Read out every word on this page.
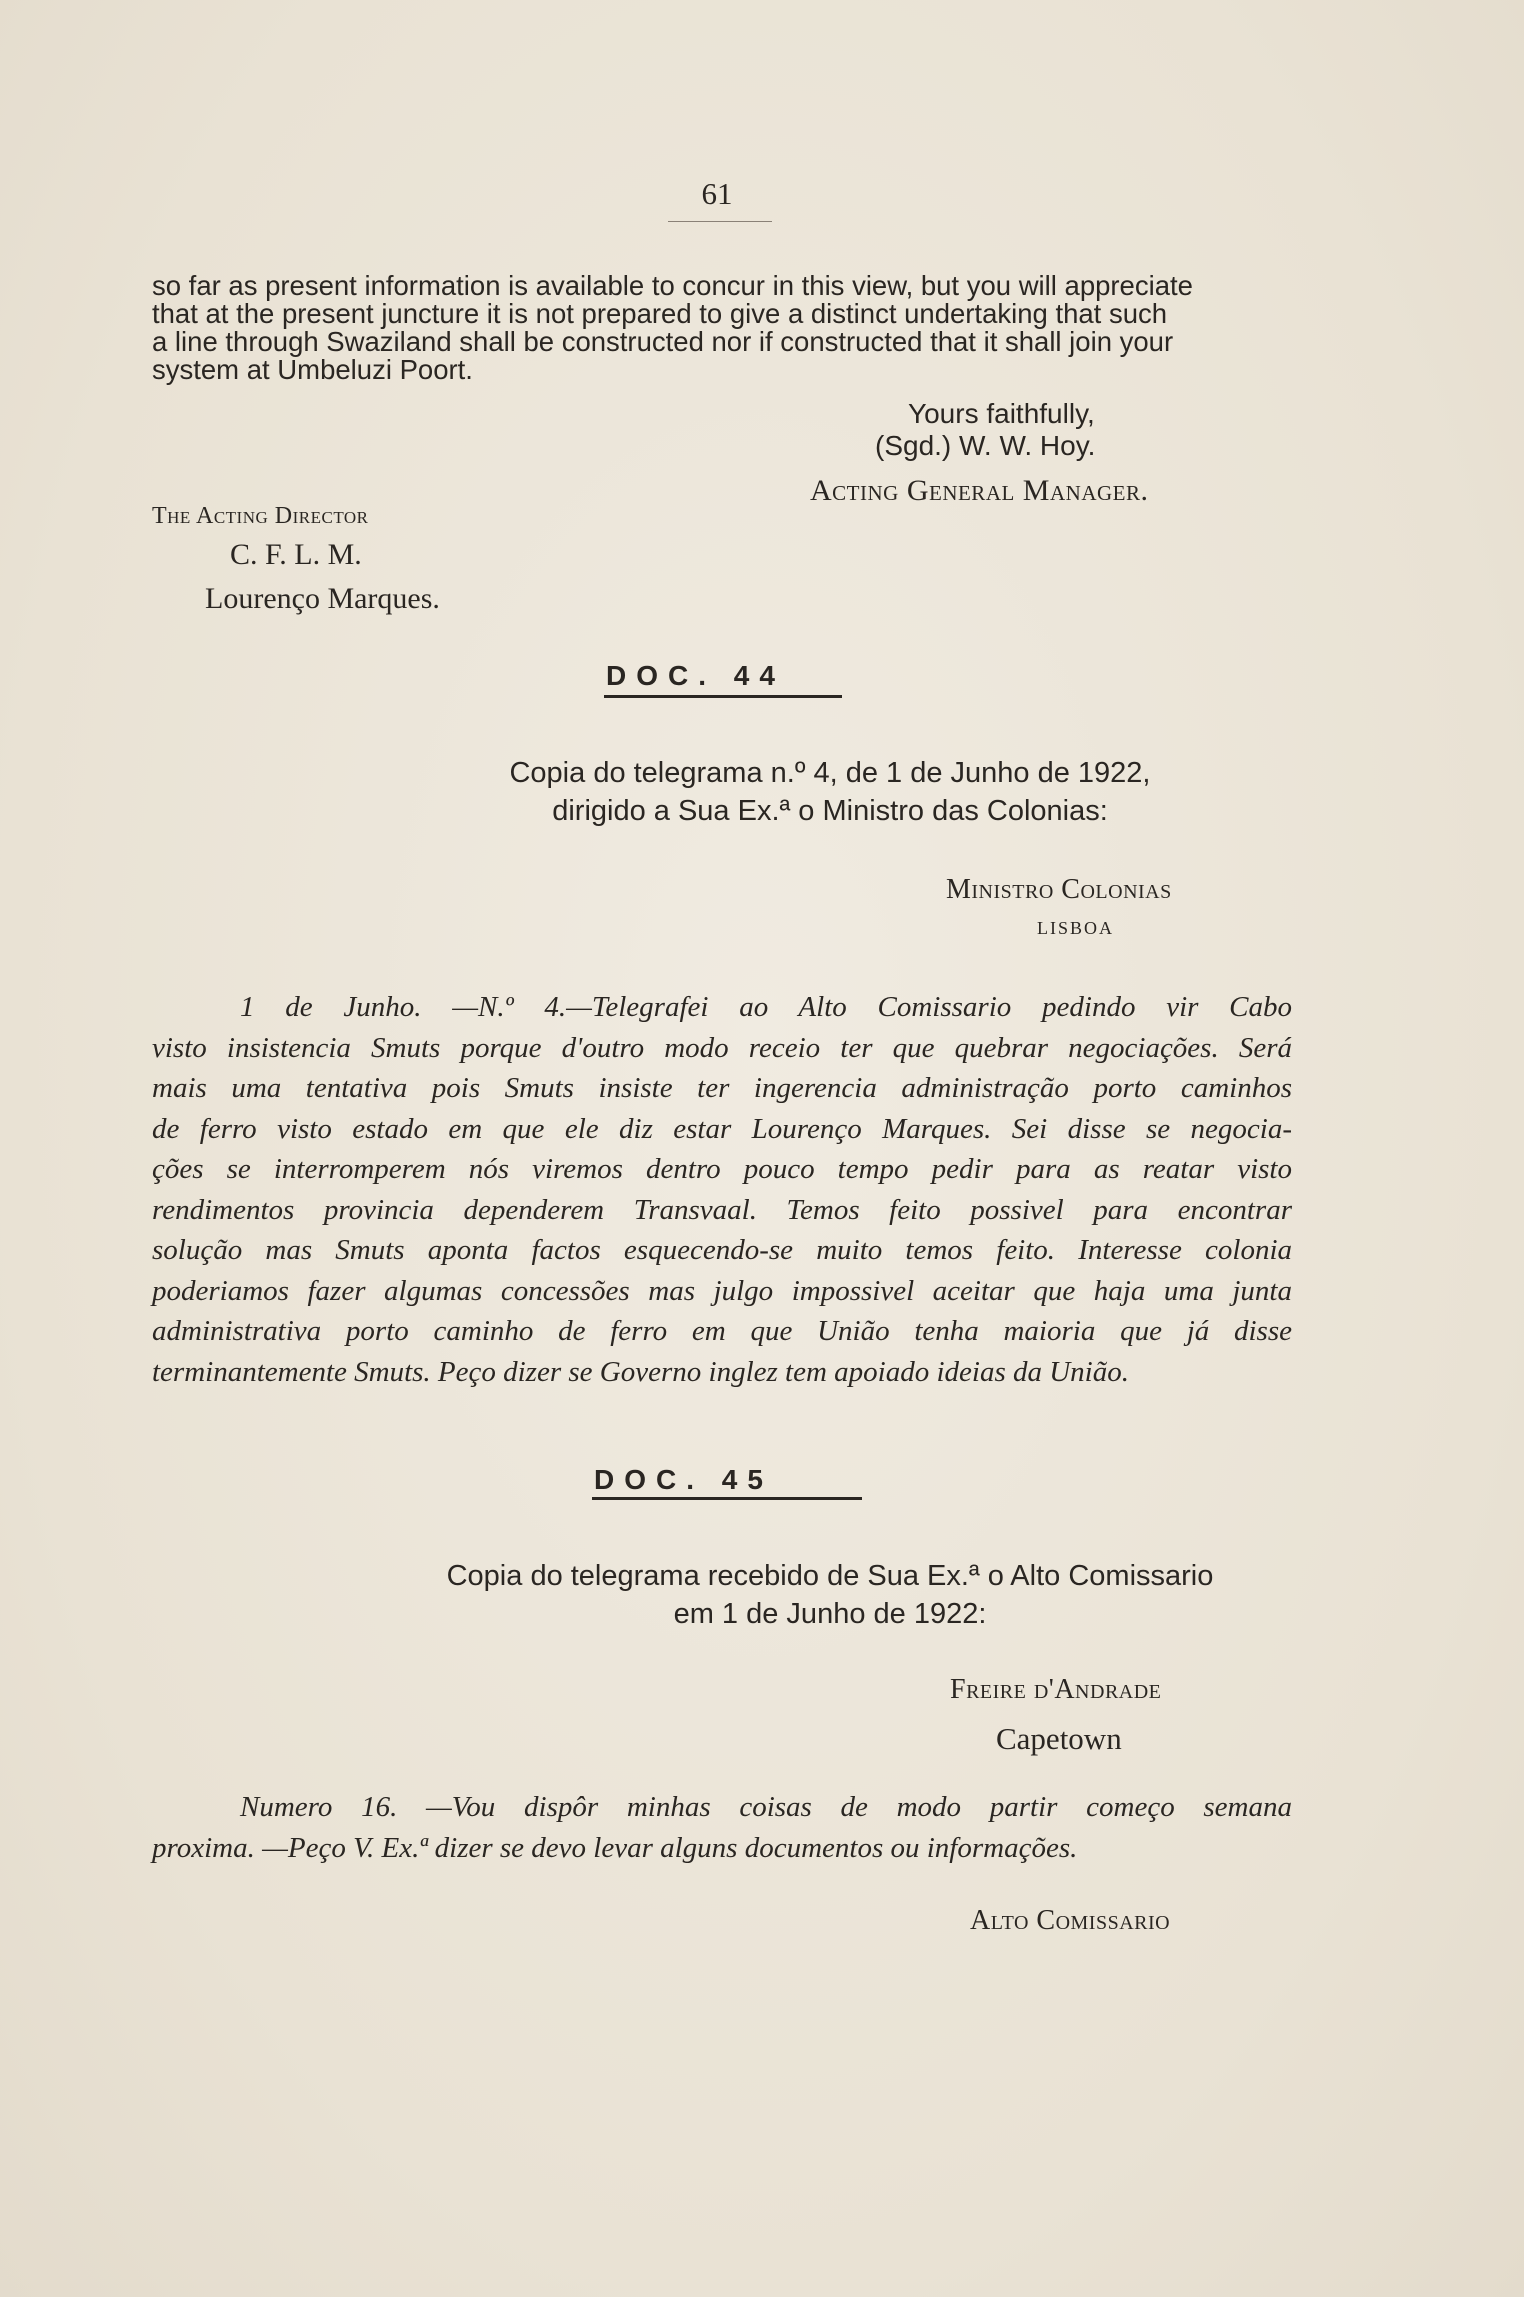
61
so far as present information is available to concur in this view, but you will appreciate
that at the present juncture it is not prepared to give a distinct undertaking that such
a line through Swaziland shall be constructed nor if constructed that it shall join your
system at Umbeluzi Poort.
Yours faithfully,
(Sgd.) W. W. Hoy.
Acting General Manager.
The Acting Director
C. F. L. M.
Lourenço Marques.
DOC. 44
Copia do telegrama n.º 4, de 1 de Junho de 1922,
dirigido a Sua Ex.ª o Ministro das Colonias:
Ministro Colonias
LISBOA
1 de Junho. —N.º 4.—Telegrafei ao Alto Comissario pedindo vir Cabo
visto insistencia Smuts porque d'outro modo receio ter que quebrar negociações. Será
mais uma tentativa pois Smuts insiste ter ingerencia administração porto caminhos
de ferro visto estado em que ele diz estar Lourenço Marques. Sei disse se negocia-
ções se interromperem nós viremos dentro pouco tempo pedir para as reatar visto
rendimentos provincia dependerem Transvaal. Temos feito possivel para encontrar
solução mas Smuts aponta factos esquecendo-se muito temos feito. Interesse colonia
poderiamos fazer algumas concessões mas julgo impossivel aceitar que haja uma junta
administrativa porto caminho de ferro em que União tenha maioria que já disse
terminantemente Smuts. Peço dizer se Governo inglez tem apoiado ideias da União.
DOC. 45
Copia do telegrama recebido de Sua Ex.ª o Alto Comissario
em 1 de Junho de 1922:
Freire d'Andrade
Capetown
Numero 16. —Vou dispôr minhas coisas de modo partir começo semana
proxima. —Peço V. Ex.ª dizer se devo levar alguns documentos ou informações.
Alto Comissario
